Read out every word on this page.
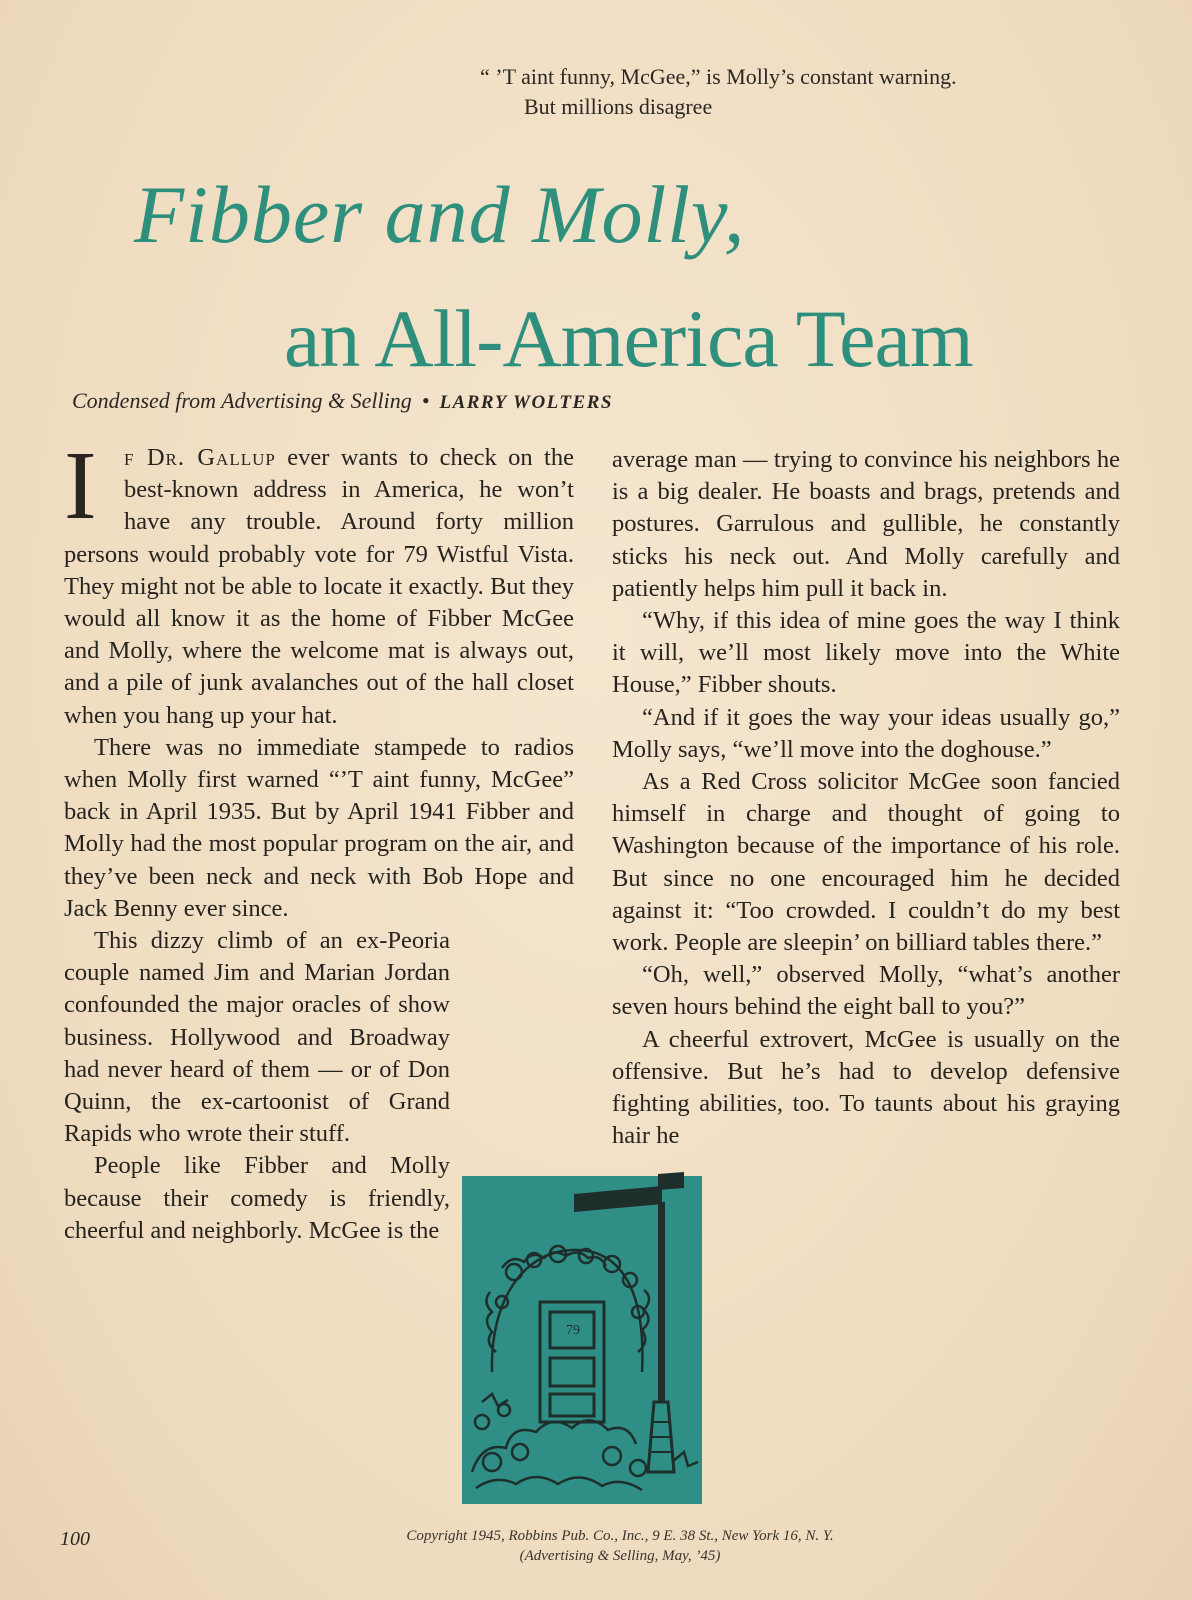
“ ’T aint funny, McGee,” is Molly’s constant warning.
But millions disagree
Fibber and Molly,
an All-America Team
Condensed from Advertising & Selling • LARRY WOLTERS

I	f Dr. Gallup ever wants to check on the best-known address in America, he won’t have any trouble. Around forty million persons would probably vote for 79 Wistful Vista. They might not be able to locate it exactly. But they would all know it as the home of Fibber McGee and Molly, where the welcome mat is always out, and a pile of junk avalanches out of the hall closet when you hang up your hat.

There was no immediate stampede to radios when Molly first warned “’T aint funny, McGee” back in April 1935. But by April 1941 Fibber and Molly had the most popular program on the air, and they’ve been neck and neck with Bob Hope and Jack Benny ever since.

This dizzy climb of an ex-Peoria couple named Jim and Marian Jordan confounded the major oracles of show business. Hollywood and Broadway had never heard of them — or of Don Quinn, the ex-cartoonist of Grand Rapids who wrote their stuff.

People like Fibber and Molly because their comedy is friendly, cheerful and neighborly. McGee is the

average man — trying to convince his neighbors he is a big dealer. He boasts and brags, pretends and postures. Garrulous and gullible, he constantly sticks his neck out. And Molly carefully and patiently helps him pull it back in.

“Why, if this idea of mine goes the way I think it will, we’ll most likely move into the White House,” Fibber shouts.

“And if it goes the way your ideas usually go,” Molly says, “we’ll move into the doghouse.”

As a Red Cross solicitor McGee soon fancied himself in charge and thought of going to Washington because of the importance of his role. But since no one encouraged him he decided against it: “Too crowded. I couldn’t do my best work. People are sleepin’ on billiard tables there.”

“Oh, well,” observed Molly, “what’s another seven hours behind the eight ball to you?”

A cheerful extrovert, McGee is usually on the offensive. But he’s had to develop defensive fighting abilities, too. To taunts about his graying hair he

79
100	Copyright 1945, Robbins Pub. Co., Inc., 9 E. 38 St., New York 16, N. Y.
(Advertising & Selling, May, ’45)
